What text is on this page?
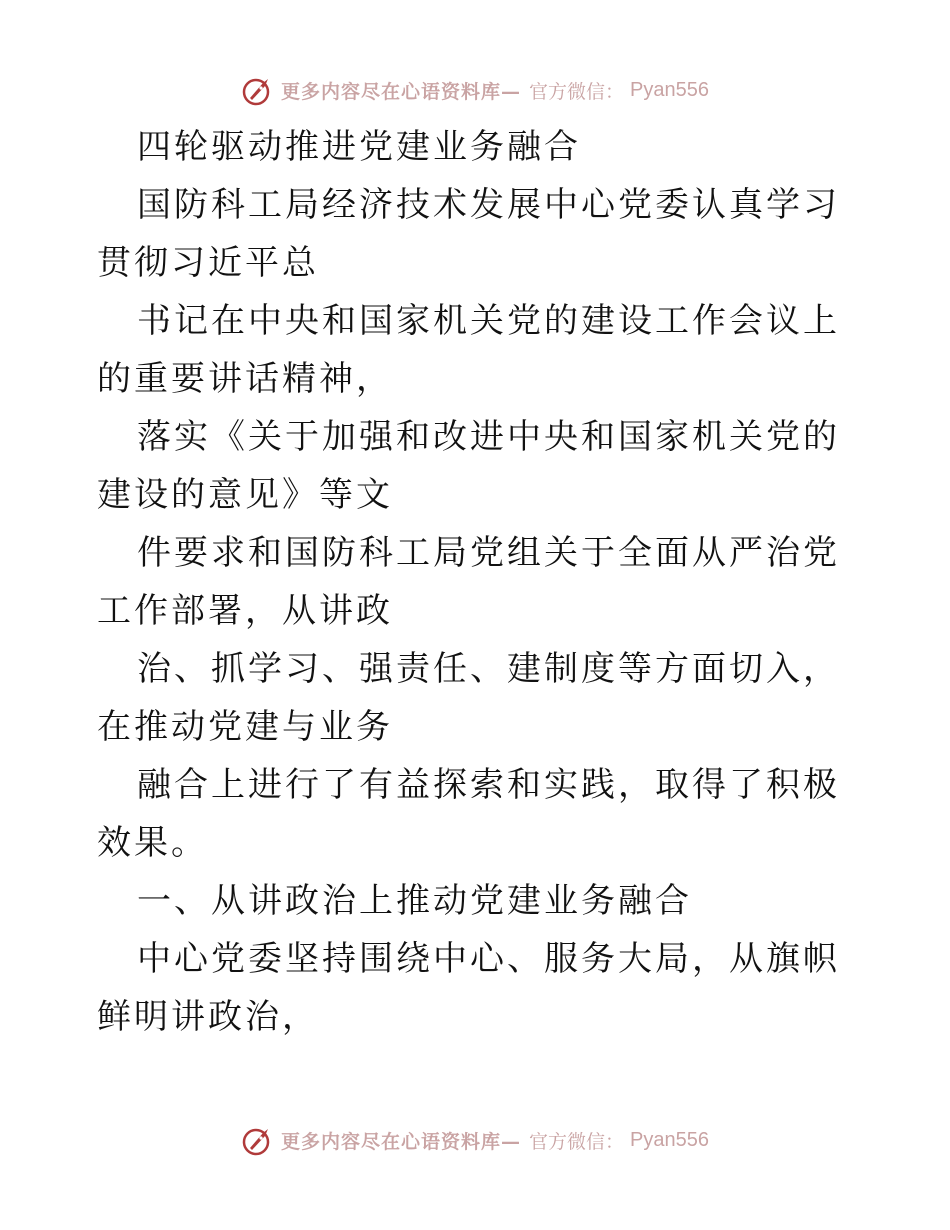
更多内容尽在心语资料库— 官方微信： Pyan556

四轮驱动推进党建业务融合

国防科工局经济技术发展中心党委认真学习贯彻习近平总

书记在中央和国家机关党的建设工作会议上的重要讲话精神，

落实《关于加强和改进中央和国家机关党的建设的意见》等文

件要求和国防科工局党组关于全面从严治党工作部署，从讲政

治、抓学习、强责任、建制度等方面切入，在推动党建与业务

融合上进行了有益探索和实践，取得了积极效果。

一、从讲政治上推动党建业务融合

中心党委坚持围绕中心、服务大局，从旗帜鲜明讲政治，

更多内容尽在心语资料库— 官方微信： Pyan556
